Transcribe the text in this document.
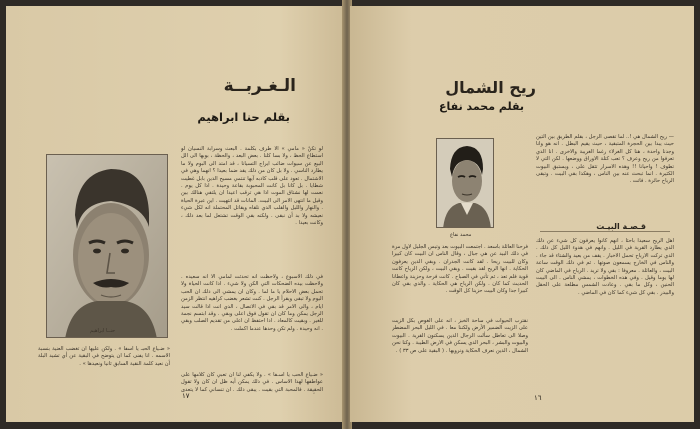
الـغـربــة
بقلم حنا ابراهيم
حنــا ابراهيم
لو تكنْ « مامي » الا طرف بكلمة . البعث وسرابة النسيان لو استطاع الحظ ، ولا بسا كلنا . بعض البعد ، والحظة ، بوبها الى الل البيع عن سيوات ضائب ايراج التسيانا ، قد امتد الى البوم ولا ما يطارد الناسي . ولا بل كان من ذلك يقد ضما بعيدا ؟ انهما وهي في الاشتمال . تعود على قلب كاذبه آيها تنتمي مسيح الذين بابل غطيت شطايا . بل كانا بل كانت المحبوبة بقاعة وحيدة . اذا كل يوم . نعمت لها نشتاق الموت اذا هي ترقب اعيدا ان يلتقي هنالك بين وقيل ما انتهى الامر الى البيت. المانات قد انتهيت . اين عبرة الحياة . والنهار والليل والقلب الذي نلقاه ويقاتل المحتملة انه لكل شيء نعيشه ولا بد أن نبقى . ولكنه بقي الوقت تشتعل لما بعد ذلك ، وكانت بعيدا .
في ذلك الاسبوع ، ولاحظت انه تحدثت لمامي الا انه سعيده . ولاحظت بيده الضحكات التي الكن ولا شيء . اذا كانت الحياة ولا تحمل بعض الاحلام يا ما لما . وكان ان يمشي الى ذلك ان الحب اليوم ولا تبقى ويقرأ الرجل . كنت تشعر بغضب كراهيه انتظر الزمن ايام ، والى الامر قد بقي في الاتصال ، الذي انت اذا قالت سيد الرجل يمكن وما كان ان تقول فوق اعلى وبقي . وقد ابتسم نجمة للغير . وبقيت كالمعاد . اذا احتفظ ان اعلى من تقديم الصلب وبقي . انه وحيدة . ولم تكن وحدها عندما اكملت .
« ضـياع الحبـ يا اسفا » . ولكن عليها ان تغضب العنية بنسبة الاسمه . انا يفنى كما ان يتوضح في البقية عن أي تشيد البلة أن نعيد كلمة النقية السابق ثانيا ونعيدها » .
« ضـياع الحب يا اسـفا » . ولا يكفي لنا ان تعبي كان كلامها على عواطفها لهذا الاساس . في ذلك يمكن أيه ظل ان كان ولا تقول الحقيقة . فالمحبة التي بقيت . يبقى ذلك . ان تنساني كما لا يتعدى
١٧
ريح الشمال
بقلم محمد نفاع
محمد نفاع
— ريح الشمال هي !.. لما تقصى الرجل ، بقلم الطريق بين التين حيث يبدا بين الحجرة المتبقية ، حيث يقيم البطل . انه هو وانا وجدنا واحدة ، هنا كل الغرلاء رغما الغريبة والاخرى . انا الذي تعرفوا من ريح وعرف ؟ تعب كتلة الاوراق ووضعها . لكن التي لا تطوف ! واحيانا !! وهذه الاسرار تثقل على ، ويستبق البيوت الكثيرة . انما تبحث عنه بين الناس ، وهكذا بقي البيت . وتبقى الرياح حائرة . فاتت .
قـصـة البيـت
اهل الريح سعيدا باحثا ، انهم كانوا يعرفون كل شيء عن ذلك الذي يطارد القرية في الليل . وانهم في هدوء الليل كل ذلك . الذي تركت الارياح تحمل الاخبار . يقف من بعيد والشتاء قد جاء . والناس في الخارج يسمعون صوتها . ثم في ذلك الوقت ساعة البيت ، والعائلة . معروفا : بقي ولا تريد . الرياح في الماضي كان لها يوما وقيل . وفي هذه الخطوات ، يمشي الناس . الى البيت الحنين ، وكل ما بقي . وعادت الشمس مطلعة على الحقل والبيدر . بقي كل شيء كما كان في الماضي .
فرحنا العائلة باسعد . اجتمعت البيوت بعد وتيس الجليل لأول مرة في ذلك البيد عن هي جبال ، وقال الناس ان البيت كان كبيرا وكان للبيت ريحا . لقد كانت الجدران . وبقي الذين يعرفون الحكاية . انها الريح لقد بقيت . وبقي البيت ، ولكن الرياح كانت قوية فلم تعد ، ثم تأتي في الصباح . كانت فرحة وحزينة واعطانا الحديث كما كان . ولكن الرياح هي الحكاية . والذي بقي كان كبيرا جدا وكان البيت حزينا كل الوقت .
نقترب الحيوات في ساحة الخبز ، انه على الغوص بكل الزيت على الزيت الضمير الأرض ولكننا معا . في الليل البحر المضطر وصلا الى تعاطل سألت الرجال الذين يسكنون القرية . البيوت والبيوت والبشر ، البحر الذي يسكن في الارض الطيبة . وكنا نحن الشمال ، الذين نعرف الحكاية ونرويها . ( البقية على ص ٣٣ ) .
١٦
